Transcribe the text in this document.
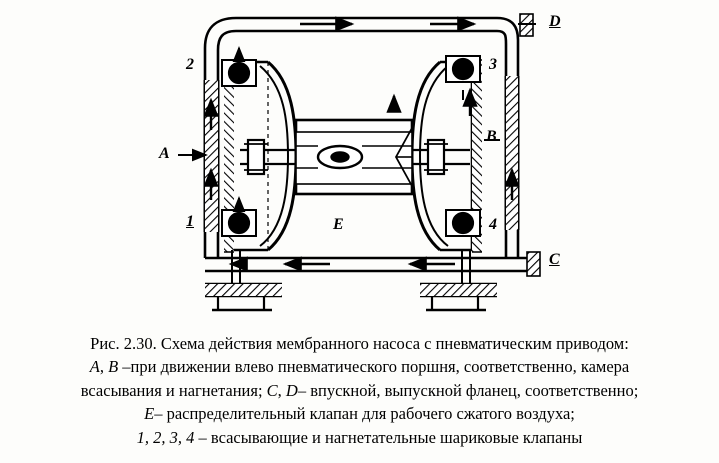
A
B
C
D
E
1
2	3
4
Рис. 2.30. Схема действия мембранного насоса с пневматическим приводом:
A, B –при движении влево пневматического поршня, соответственно, камера
всасывания и нагнетания; C, D– впускной, выпускной фланец, соответственно;
E– распределительный клапан для рабочего сжатого воздуха;
1, 2, 3, 4 – всасывающие и нагнетательные шариковые клапаны
